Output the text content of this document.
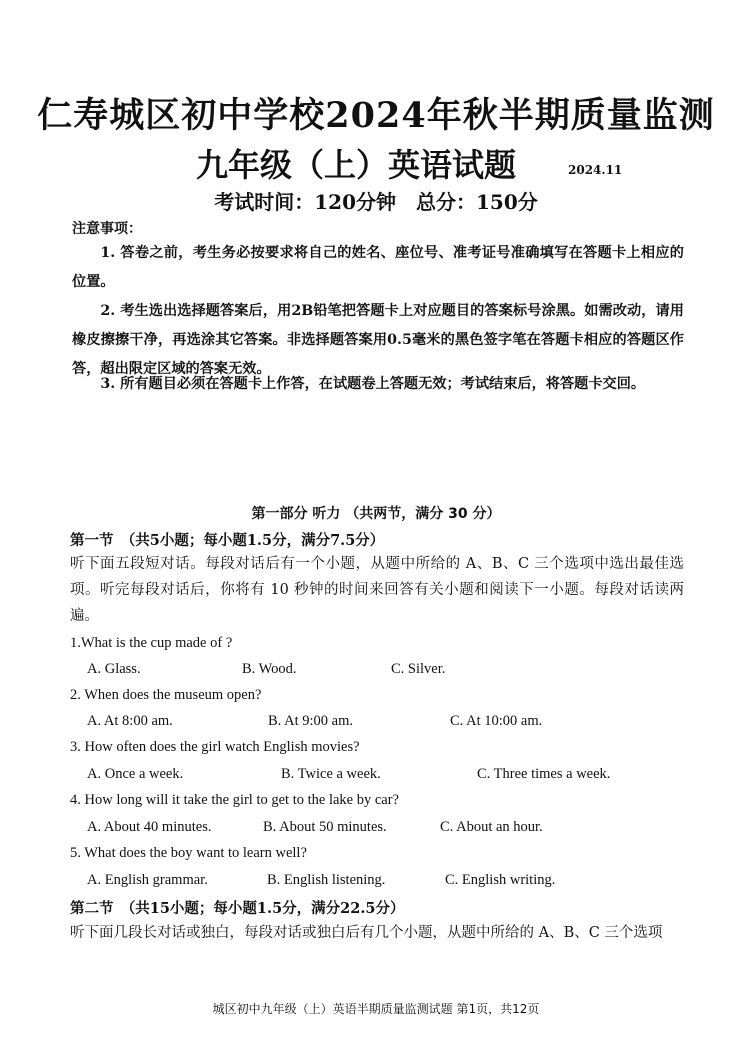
仁寿城区初中学校2024年秋半期质量监测
九年级（上）英语试题	2024.11
考试时间：120分钟　总分：150分
注意事项：
1. 答卷之前，考生务必按要求将自己的姓名、座位号、准考证号准确填写在答题卡上相应的位置。
2. 考生选出选择题答案后，用2B铅笔把答题卡上对应题目的答案标号涂黑。如需改动，请用橡皮擦擦干净，再选涂其它答案。非选择题答案用0.5毫米的黑色签字笔在答题卡相应的答题区作答，超出限定区域的答案无效。
3. 所有题目必须在答题卡上作答，在试题卷上答题无效；考试结束后，将答题卡交回。
第一部分 听力 （共两节，满分 30 分）
第一节　（共5小题；每小题1.5分，满分7.5分）
听下面五段短对话。每段对话后有一个小题，从题中所给的 A、B、C 三个选项中选出最佳选项。听完每段对话后，你将有 10 秒钟的时间来回答有关小题和阅读下一小题。每段对话读两遍。
1.What is the cup made of ?
A. Glass.	B. Wood.	C. Silver.
2. When does the museum open?
A. At 8:00 am.	B. At 9:00 am.	C. At 10:00 am.
3. How often does the girl watch English movies?
A. Once a week.	B. Twice a week.	C. Three times a week.
4. How long will it take the girl to get to the lake by car?
A. About 40 minutes.	B. About 50 minutes.	C. About an hour.
5. What does the boy want to learn well?
A. English grammar.	B. English listening.	C. English writing.
第二节　（共15小题；每小题1.5分，满分22.5分）
听下面几段长对话或独白，每段对话或独白后有几个小题，从题中所给的 A、B、C 三个选项
城区初中九年级（上）英语半期质量监测试题 第1页，共12页
